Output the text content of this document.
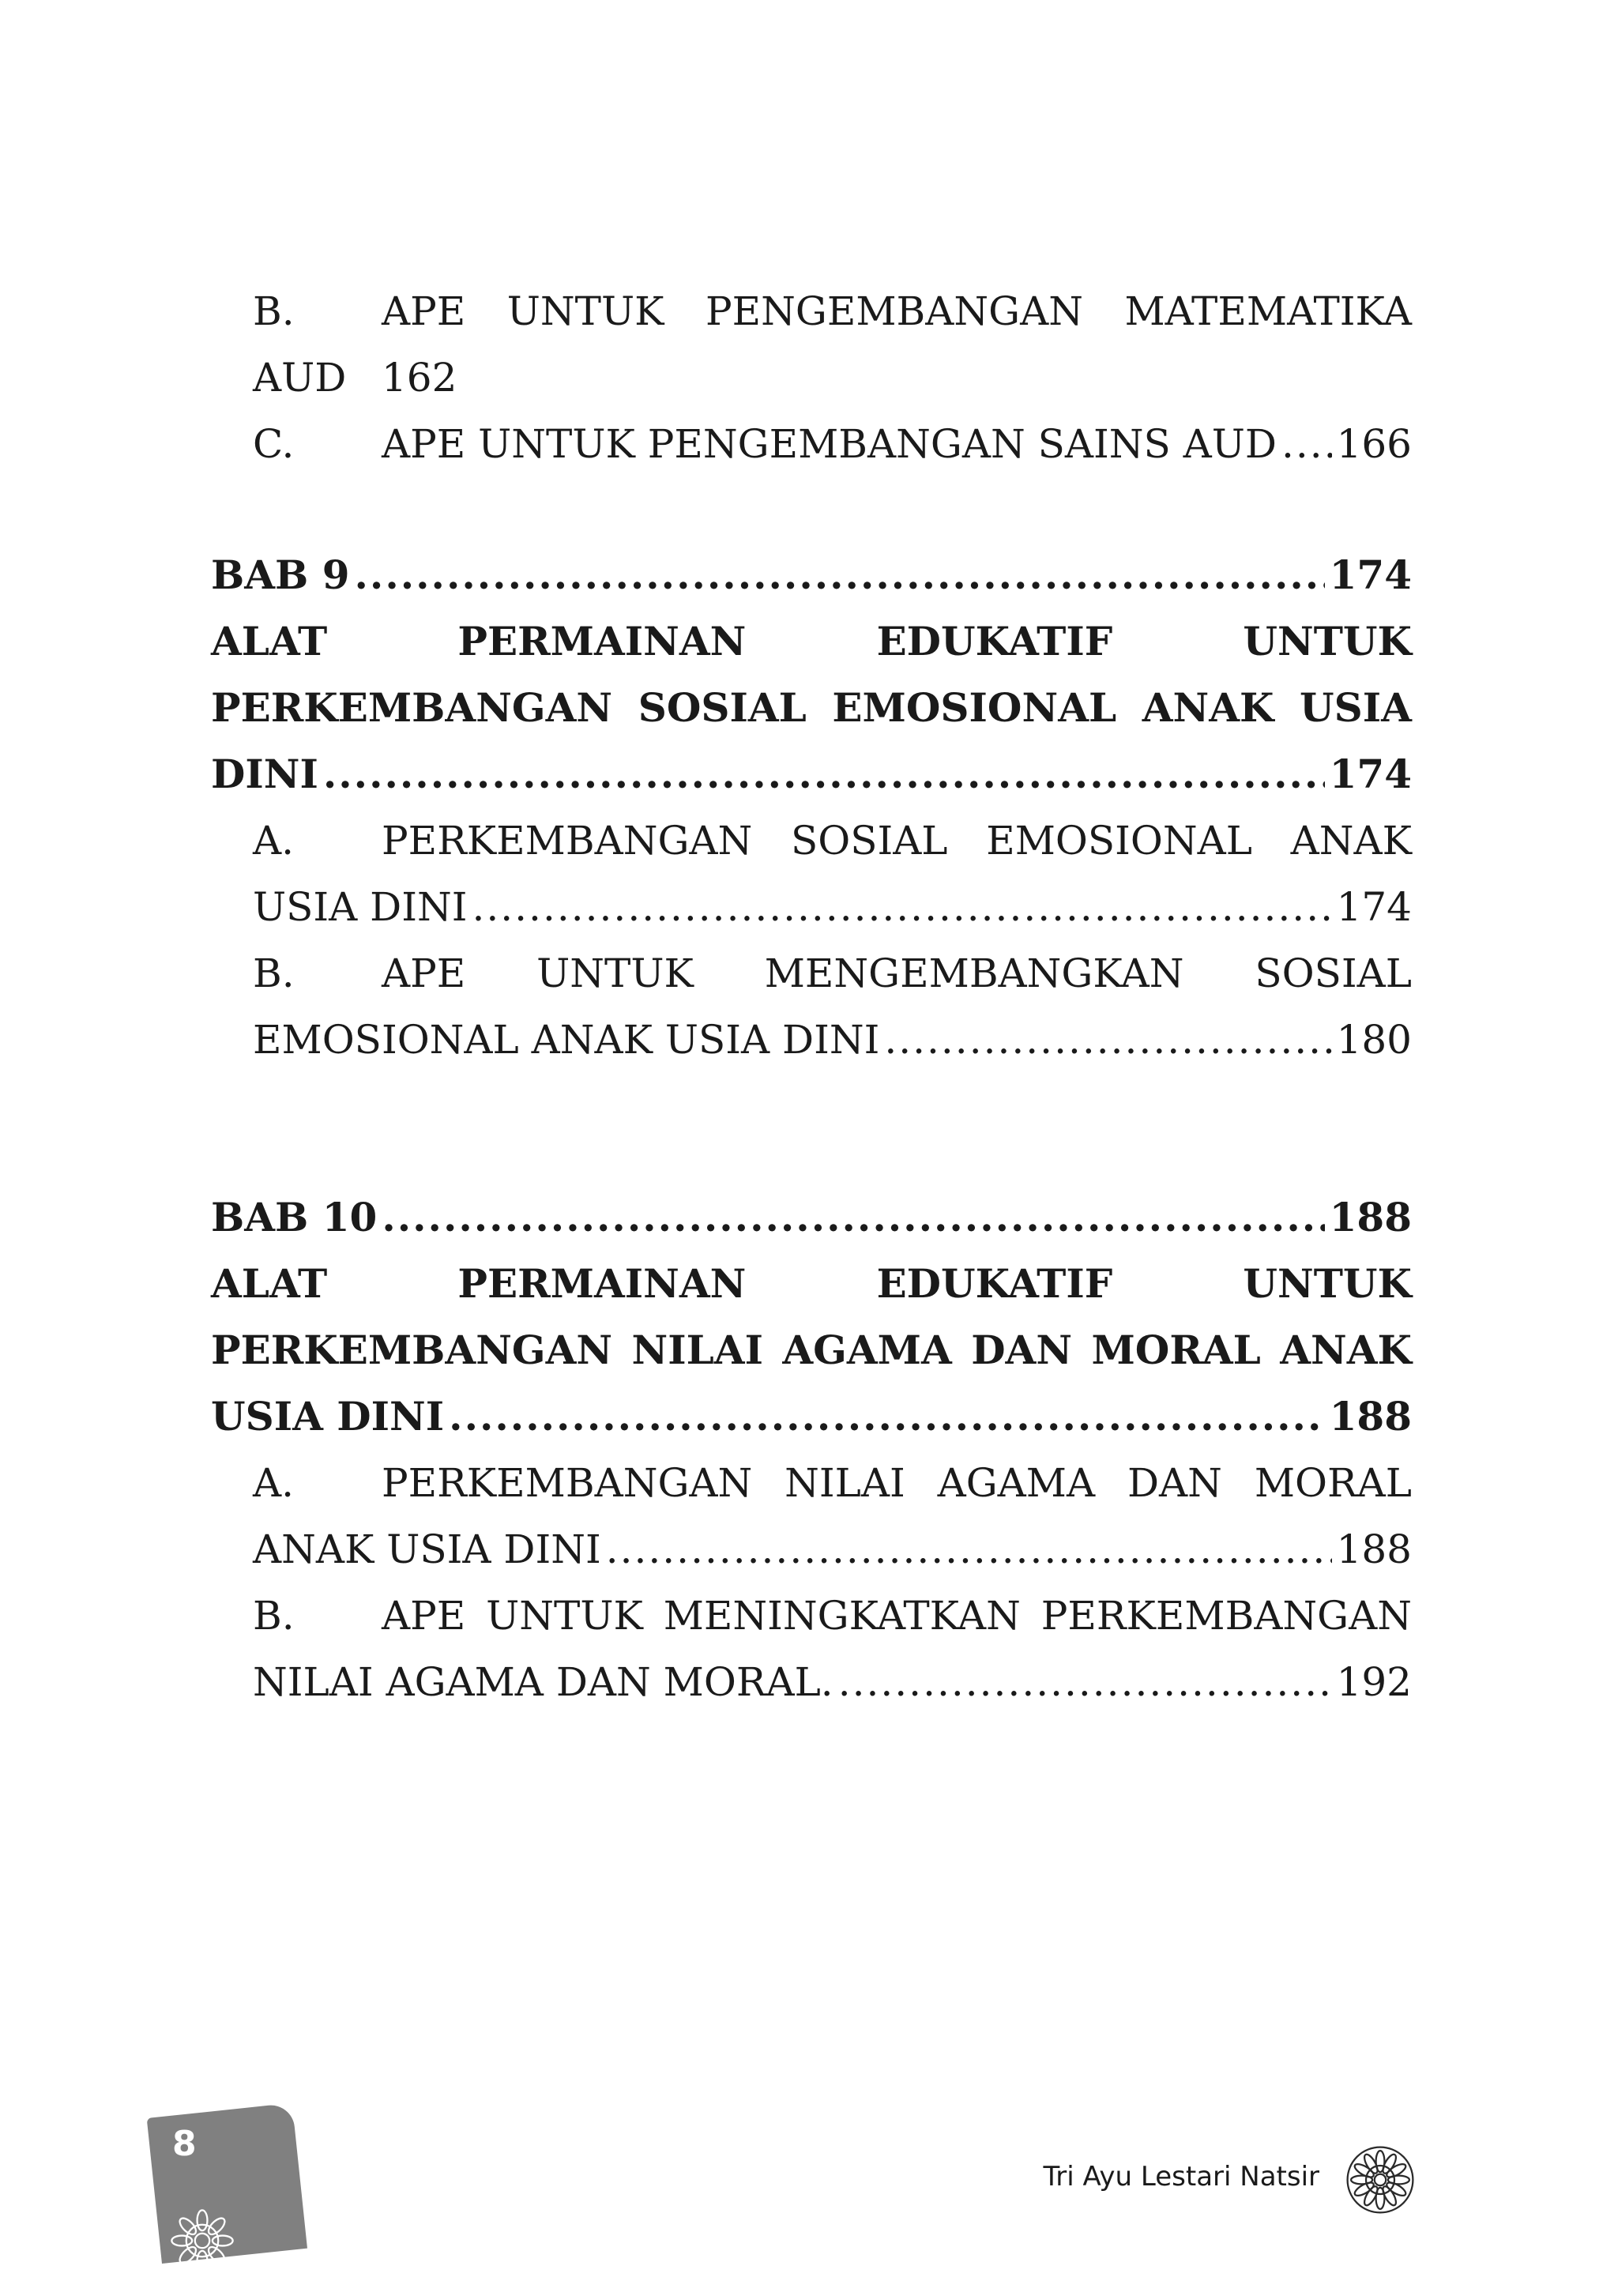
B.	APE UNTUK PENGEMBANGAN MATEMATIKA
AUD 162
C.	APE UNTUK PENGEMBANGAN SAINS AUD ..... 166
BAB 9 .....	174
ALAT	PERMAINAN	EDUKATIF	UNTUK
PERKEMBANGAN SOSIAL EMOSIONAL ANAK USIA
DINI .....	174
A.	PERKEMBANGAN SOSIAL EMOSIONAL ANAK
USIA DINI .....	174
B.	APE UNTUK MENGEMBANGKAN SOSIAL
EMOSIONAL ANAK USIA DINI .....	180
BAB 10 .....	188
ALAT	PERMAINAN	EDUKATIF	UNTUK
PERKEMBANGAN NILAI AGAMA DAN MORAL ANAK
USIA DINI .....	188
A.	PERKEMBANGAN NILAI AGAMA DAN MORAL
ANAK USIA DINI .....	188
B.	APE UNTUK MENINGKATKAN PERKEMBANGAN
NILAI AGAMA DAN MORAL. .....	192
8
Tri Ayu Lestari Natsir
